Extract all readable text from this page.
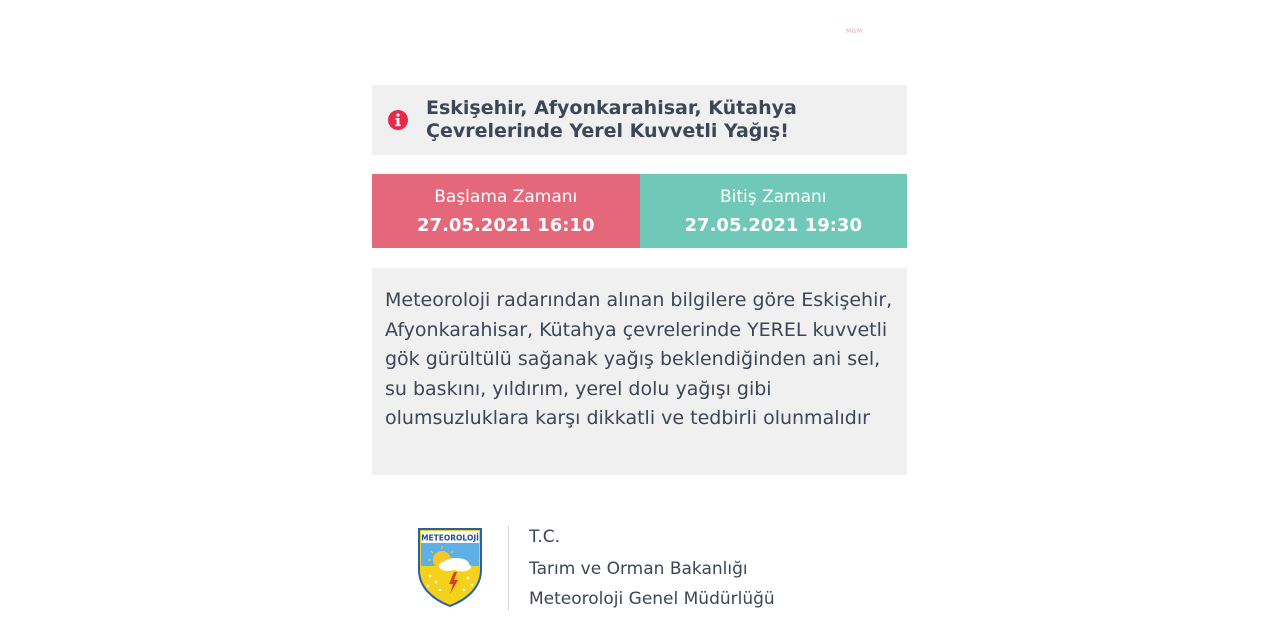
MGM
Eskişehir, Afyonkarahisar, Kütahya Çevrelerinde Yerel Kuvvetli Yağış!
Başlama Zamanı
27.05.2021 16:10
Bitiş Zamanı
27.05.2021 19:30
Meteoroloji radarından alınan bilgilere göre Eskişehir, Afyonkarahisar, Kütahya çevrelerinde YEREL kuvvetli gök gürültülü sağanak yağış beklendiğinden ani sel, su baskını, yıldırım, yerel dolu yağışı gibi olumsuzluklara karşı dikkatli ve tedbirli olunmalıdır
METEOROLOJİ	T.C.
Tarım ve Orman Bakanlığı
Meteoroloji Genel Müdürlüğü
